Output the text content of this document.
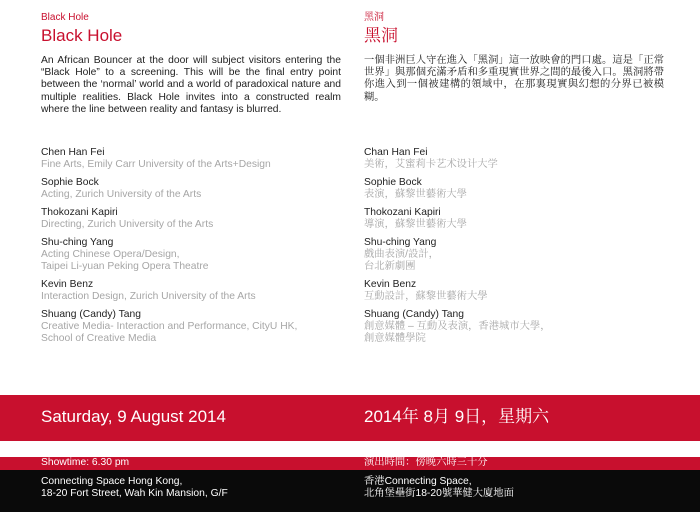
Black Hole
Black Hole
An African Bouncer at the door will subject visitors entering the “Black Hole” to a screening. This will be the final entry point between the ‘normal’ world and a world of paradoxical nature and multiple realities. Black Hole invites into a constructed realm where the line between reality and fantasy is blurred.
黑洞
黑洞
一個非洲巨人守在進入「黑洞」這一放映會的門口處。這是「正常世界」與那個充滿矛盾和多重現實世界之間的最後入口。黑洞將帶你進入到一個被建構的領域中，在那裏現實與幻想的分界已被模糊。
Chen Han Fei
Fine Arts, Emily Carr University of the Arts+Design
Sophie Bock
Acting, Zurich University of the Arts
Thokozani Kapiri
Directing, Zurich University of the Arts
Shu-ching Yang
Acting Chinese Opera/Design,
Taipei Li-yuan Peking Opera Theatre
Kevin Benz
Interaction Design, Zurich University of the Arts
Shuang (Candy) Tang
Creative Media- Interaction and Performance, CityU HK,
School of Creative Media
Chan Han Fei
美術，艾蜜莉卡艺术设计大学
Sophie Bock
表演，蘇黎世藝術大學
Thokozani Kapiri
導演，蘇黎世藝術大學
Shu-ching Yang
戲曲表演/設計，
台北新劇團
Kevin Benz
互動設計，蘇黎世藝術大學
Shuang (Candy) Tang
創意媒體 – 互動及表演，香港城市大學，
創意媒體學院
Saturday, 9 August 2014	2014年 8月 9日，星期六
Showtime: 6.30 pm	演出時間：傍晚六時三十分
Connecting Space Hong Kong,
18-20 Fort Street, Wah Kin Mansion, G/F
香港Connecting Space,
北角堡壘街18-20號華健大廈地面
